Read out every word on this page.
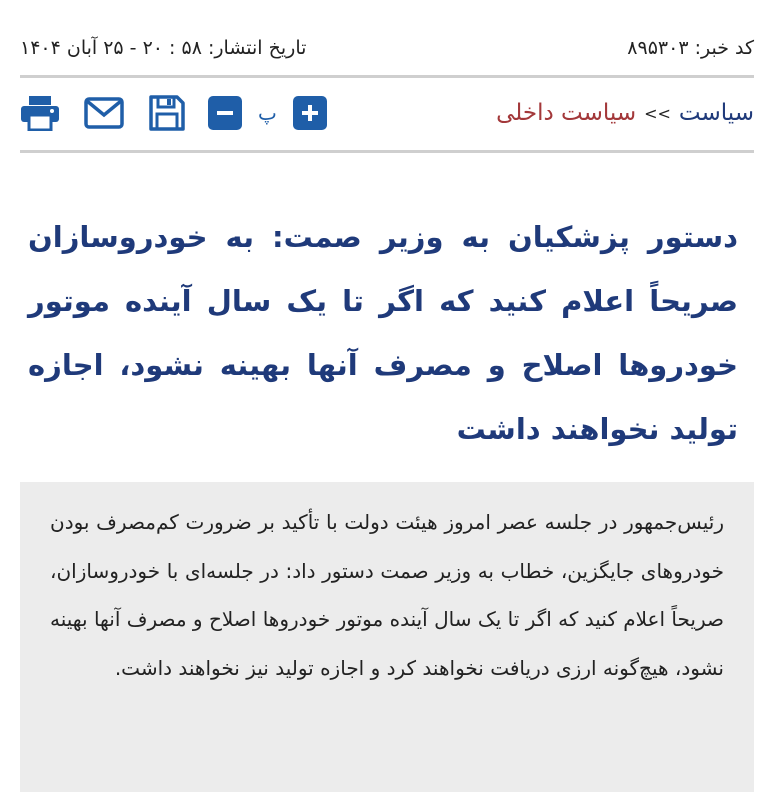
کد خبر: ۸۹۵۳۰۳
تاریخ انتشار: ۵۸ : ۲۰ - ۲۵ آبان ۱۴۰۴
سیاست
>>
سیاست داخلی
پ
دستور پزشکیان به وزیر صمت: به خودروسازان صریحاً اعلام کنید که اگر تا یک سال آینده موتور خودروها اصلاح و مصرف آنها بهینه نشود، اجازه تولید نخواهند داشت

رئیس‌جمهور در جلسه عصر امروز هیئت دولت با تأکید بر ضرورت کم‌مصرف بودن خودروهای جایگزین، خطاب به وزیر صمت دستور داد: در جلسه‌ای با خودروسازان، صریحاً اعلام کنید که اگر تا یک سال آینده موتور خودروها اصلاح و مصرف آنها بهینه نشود، هیچ‌گونه ارزی دریافت نخواهند کرد و اجازه تولید نیز نخواهند داشت.
